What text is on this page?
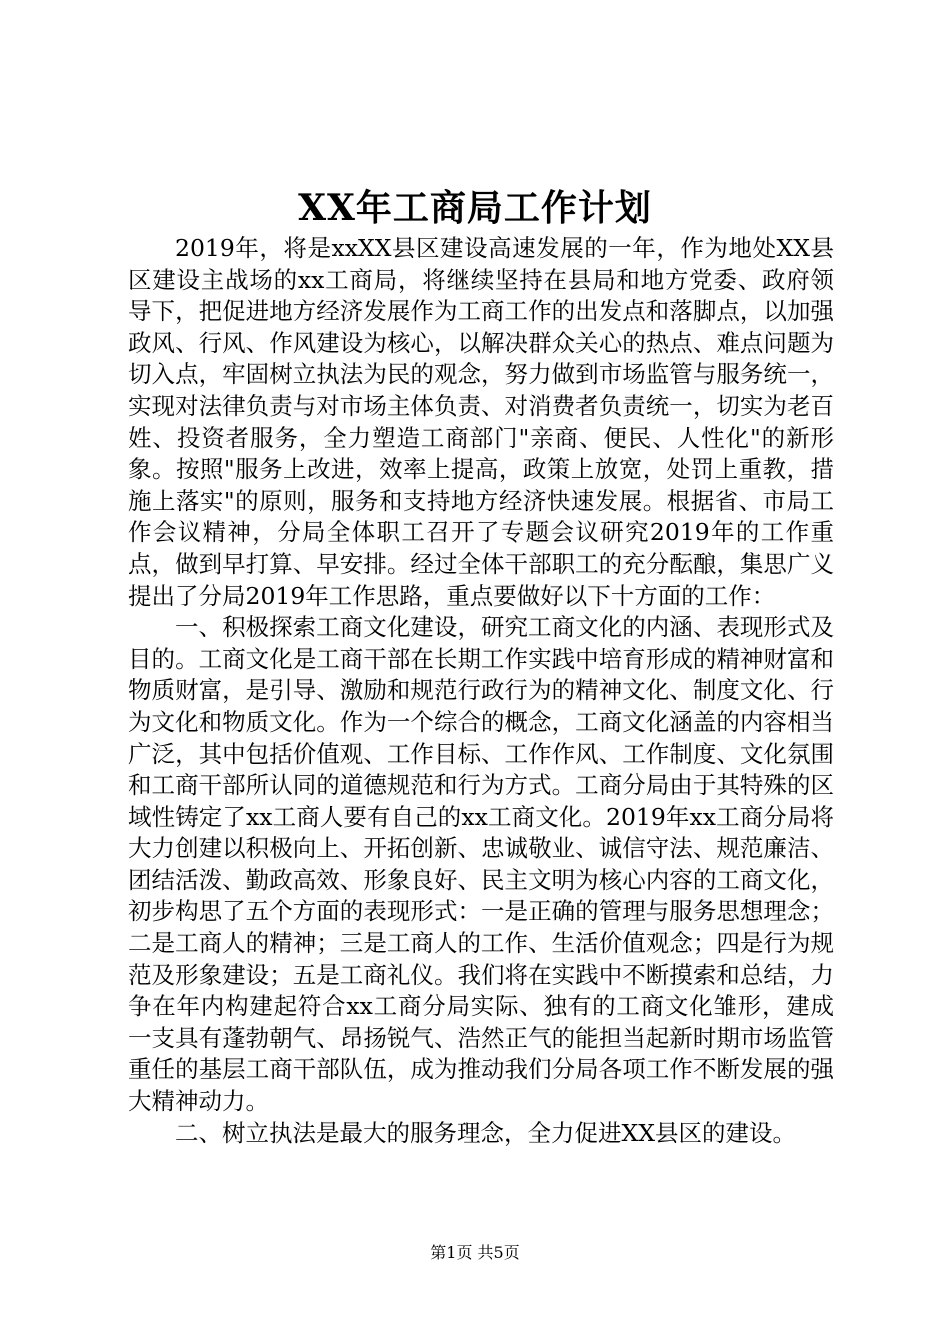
XX年工商局工作计划

2019年，将是xxXX县区建设高速发展的一年，作为地处XX县区建设主战场的xx工商局，将继续坚持在县局和地方党委、政府领导下，把促进地方经济发展作为工商工作的出发点和落脚点，以加强政风、行风、作风建设为核心，以解决群众关心的热点、难点问题为切入点，牢固树立执法为民的观念，努力做到市场监管与服务统一，实现对法律负责与对市场主体负责、对消费者负责统一，切实为老百姓、投资者服务，全力塑造工商部门"亲商、便民、人性化"的新形象。按照"服务上改进，效率上提高，政策上放宽，处罚上重教，措施上落实"的原则，服务和支持地方经济快速发展。根据省、市局工作会议精神，分局全体职工召开了专题会议研究2019年的工作重点，做到早打算、早安排。经过全体干部职工的充分酝酿，集思广义提出了分局2019年工作思路，重点要做好以下十方面的工作：

一、积极探索工商文化建设，研究工商文化的内涵、表现形式及目的。工商文化是工商干部在长期工作实践中培育形成的精神财富和物质财富，是引导、激励和规范行政行为的精神文化、制度文化、行为文化和物质文化。作为一个综合的概念，工商文化涵盖的内容相当广泛，其中包括价值观、工作目标、工作作风、工作制度、文化氛围和工商干部所认同的道德规范和行为方式。工商分局由于其特殊的区域性铸定了xx工商人要有自己的xx工商文化。2019年xx工商分局将大力创建以积极向上、开拓创新、忠诚敬业、诚信守法、规范廉洁、团结活泼、勤政高效、形象良好、民主文明为核心内容的工商文化，初步构思了五个方面的表现形式：一是正确的管理与服务思想理念；二是工商人的精神；三是工商人的工作、生活价值观念；四是行为规范及形象建设；五是工商礼仪。我们将在实践中不断摸索和总结，力争在年内构建起符合xx工商分局实际、独有的工商文化雏形，建成一支具有蓬勃朝气、昂扬锐气、浩然正气的能担当起新时期市场监管重任的基层工商干部队伍，成为推动我们分局各项工作不断发展的强大精神动力。

二、树立执法是最大的服务理念，全力促进XX县区的建设。

第1页 共5页
